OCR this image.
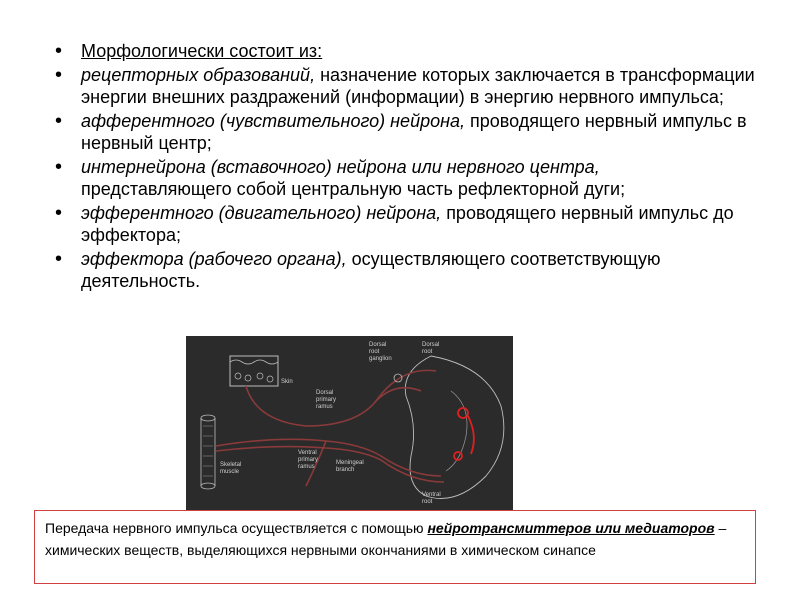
• Морфологически состоит из:
• рецепторных образований, назначение которых заключается в трансформации энергии внешних раздражений (информации) в энергию нервного импульса;
• афферентного (чувствительного) нейрона, проводящего нервный импульс в нервный центр;
• интернейрона (вставочного) нейрона или нервного центра, представляющего собой центральную часть рефлекторной дуги;
• эфферентного (двигательного) нейрона, проводящего нервный импульс до эффектора;
• эффектора (рабочего органа), осуществляющего соответствующую деятельность.
Skin
Dorsal root ganglion
Dorsal root
Dorsal primary ramus
Ventral primary ramus
Meningeal branch
Skeletal muscle
Ventral root
Передача нервного импульса осуществляется с помощью нейротрансмиттеров или медиаторов – химических веществ, выделяющихся нервными окончаниями в химическом синапсе
